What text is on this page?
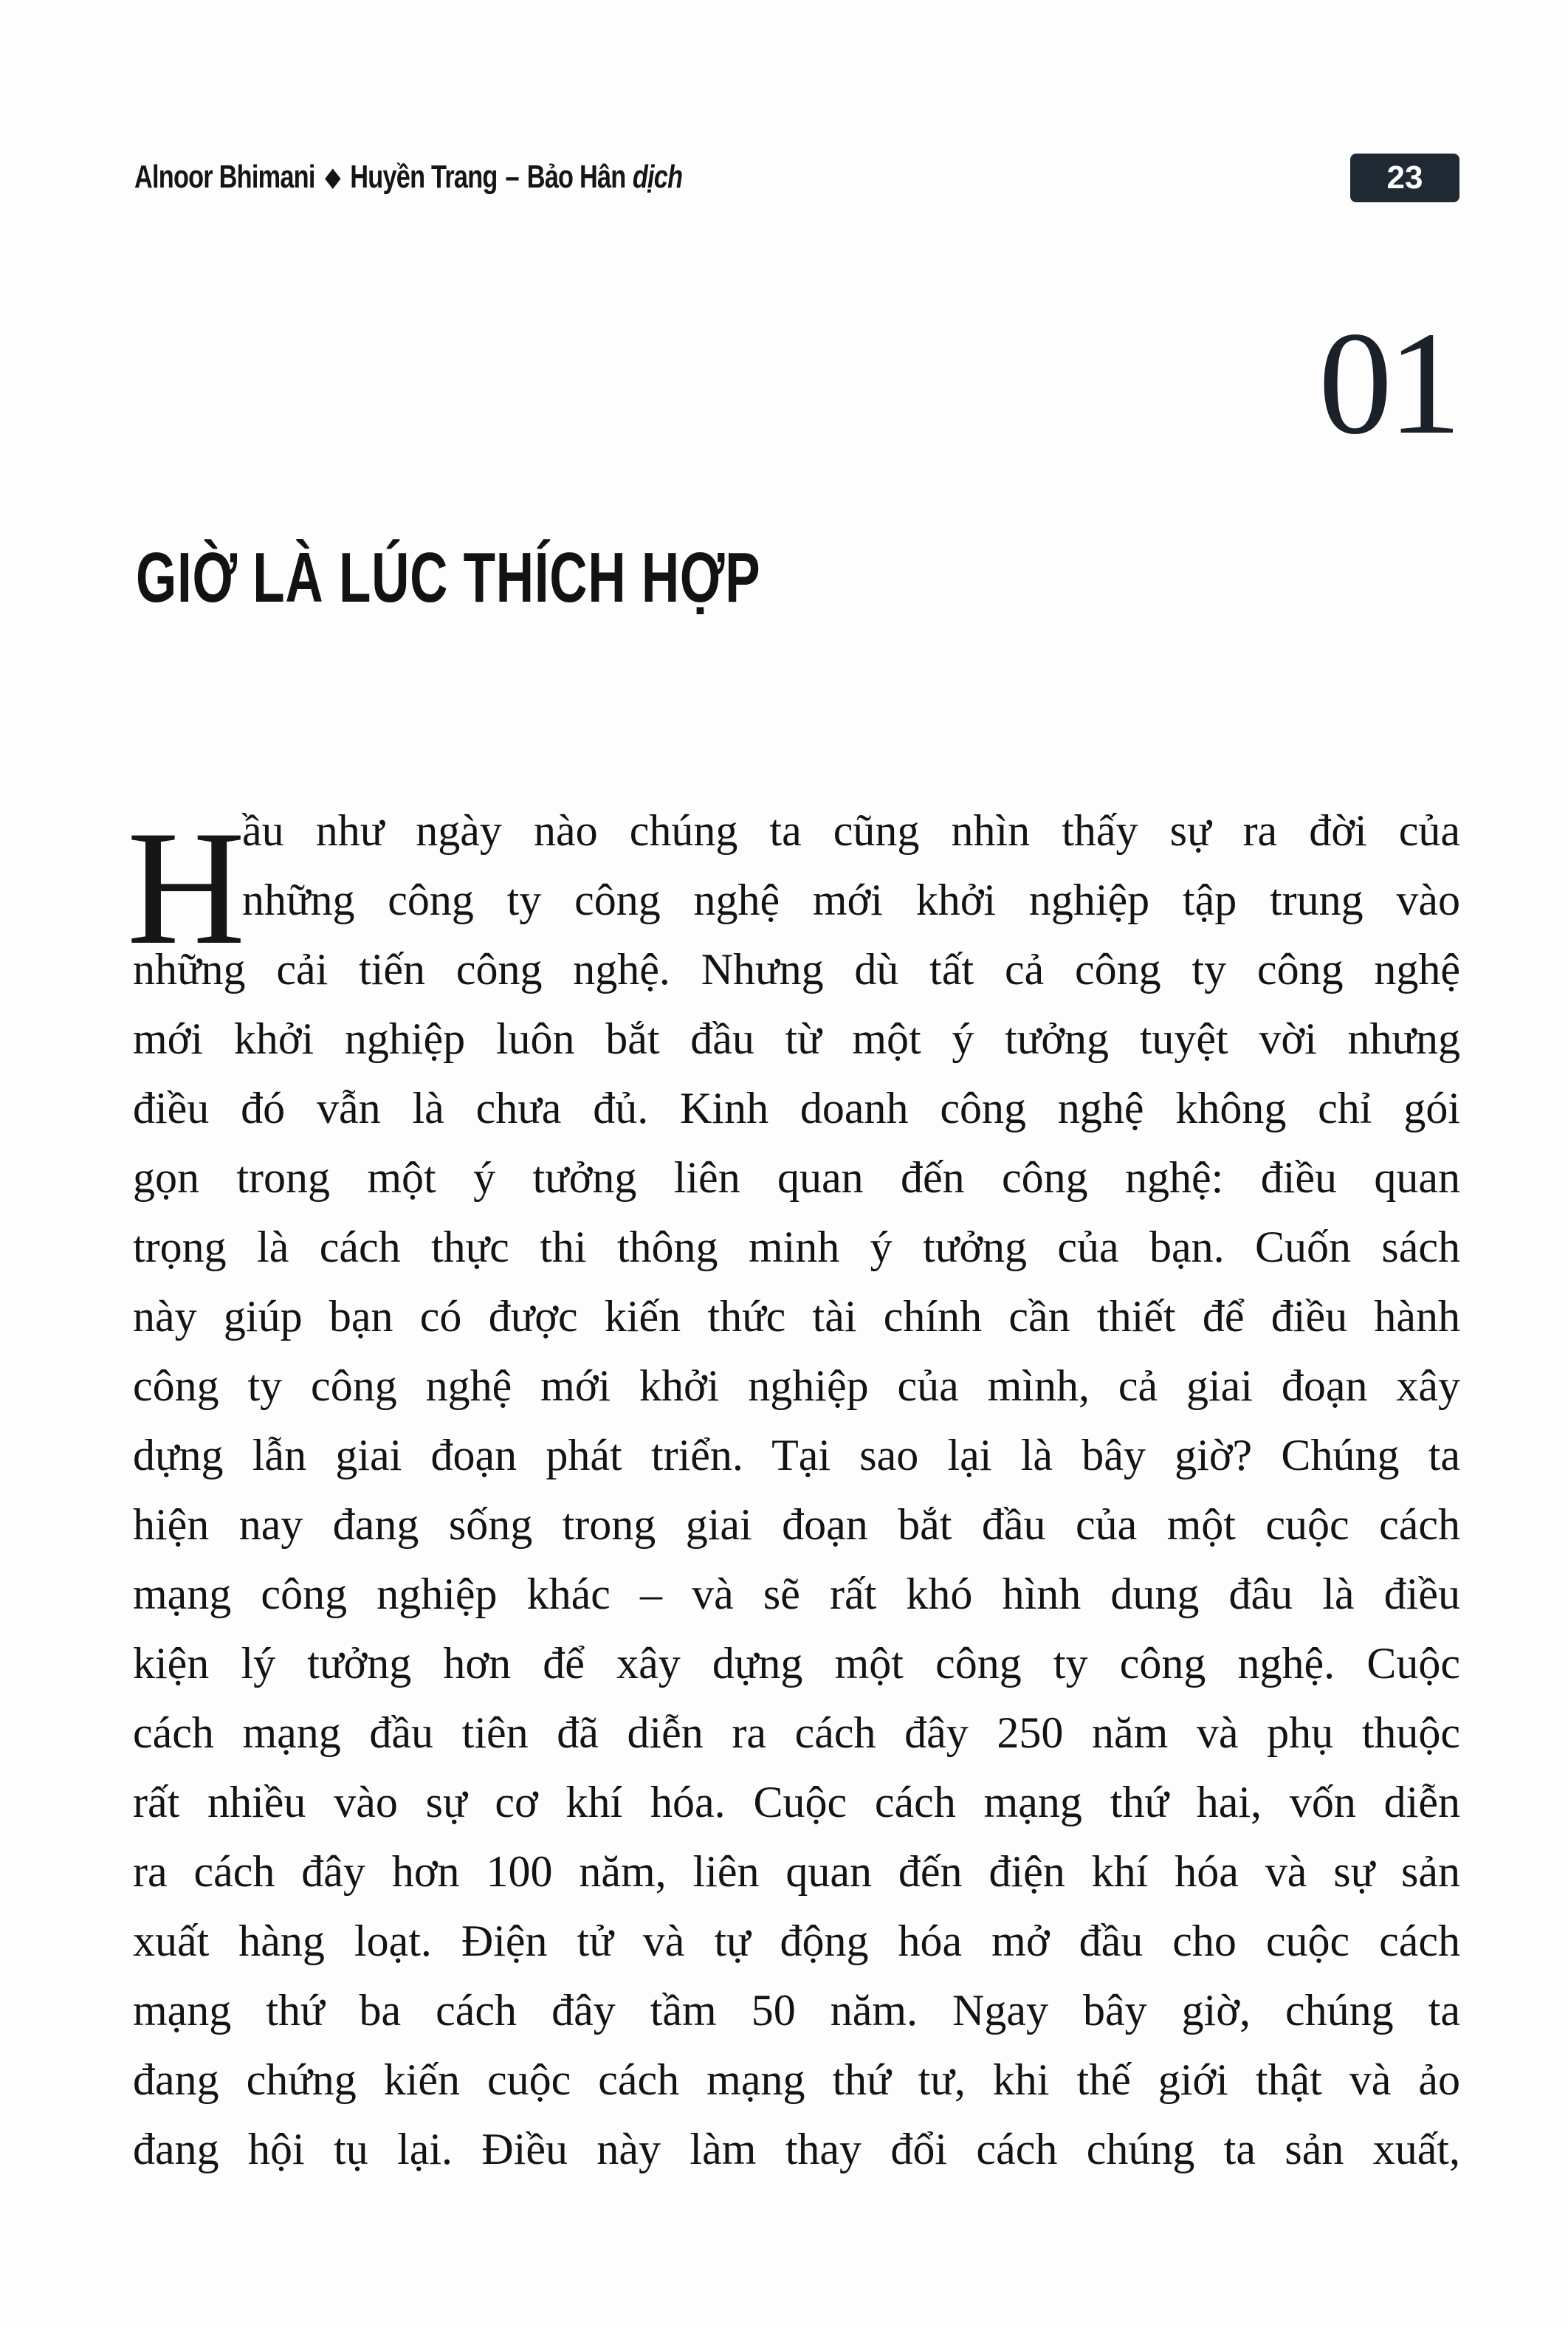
Alnoor Bhimani ◆ Huyền Trang – Bảo Hân dịch	23
01
GIỜ LÀ LÚC THÍCH HỢP
H
ầu như ngày nào chúng ta cũng nhìn thấy sự ra đời của
những công ty công nghệ mới khởi nghiệp tập trung vào
những cải tiến công nghệ. Nhưng dù tất cả công ty công nghệ
mới khởi nghiệp luôn bắt đầu từ một ý tưởng tuyệt vời nhưng
điều đó vẫn là chưa đủ. Kinh doanh công nghệ không chỉ gói
gọn trong một ý tưởng liên quan đến công nghệ: điều quan
trọng là cách thực thi thông minh ý tưởng của bạn. Cuốn sách
này giúp bạn có được kiến thức tài chính cần thiết để điều hành
công ty công nghệ mới khởi nghiệp của mình, cả giai đoạn xây
dựng lẫn giai đoạn phát triển. Tại sao lại là bây giờ? Chúng ta
hiện nay đang sống trong giai đoạn bắt đầu của một cuộc cách
mạng công nghiệp khác – và sẽ rất khó hình dung đâu là điều
kiện lý tưởng hơn để xây dựng một công ty công nghệ. Cuộc
cách mạng đầu tiên đã diễn ra cách đây 250 năm và phụ thuộc
rất nhiều vào sự cơ khí hóa. Cuộc cách mạng thứ hai, vốn diễn
ra cách đây hơn 100 năm, liên quan đến điện khí hóa và sự sản
xuất hàng loạt. Điện tử và tự động hóa mở đầu cho cuộc cách
mạng thứ ba cách đây tầm 50 năm. Ngay bây giờ, chúng ta
đang chứng kiến cuộc cách mạng thứ tư, khi thế giới thật và ảo
đang hội tụ lại. Điều này làm thay đổi cách chúng ta sản xuất,
